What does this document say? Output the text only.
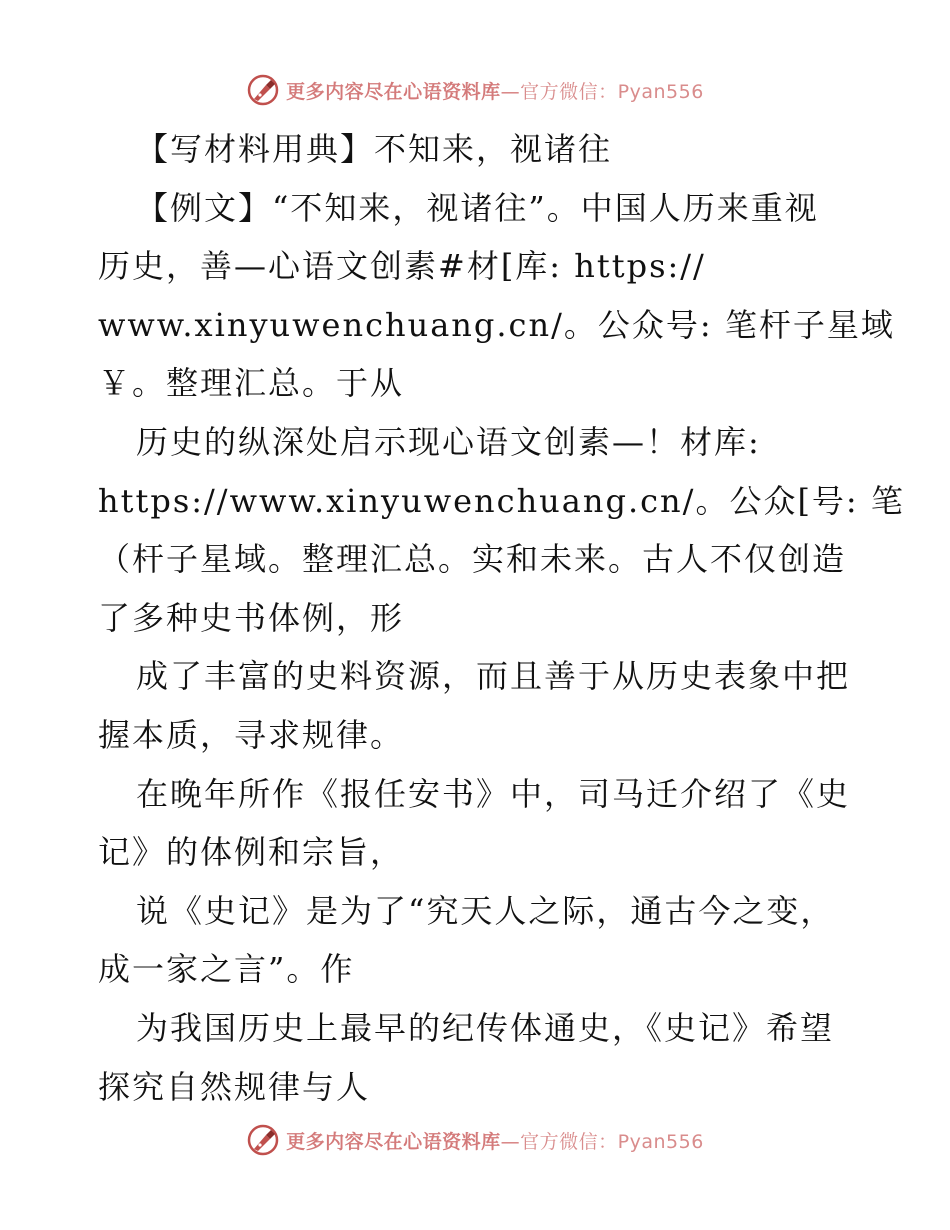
更多内容尽在心语资料库—官方微信：Pyan556
【写材料用典】不知来，视诸往
【例文】“不知来，视诸往”。中国人历来重视
历史，善—心语文创素#材[库: https://
www.xinyuwenchuang.cn/。公众号: 笔杆子星域
￥。整理汇总。于从
历史的纵深处启示现心语文创素—！材库:
https://www.xinyuwenchuang.cn/。公众[号: 笔
（杆子星域。整理汇总。实和未来。古人不仅创造
了多种史书体例，形
成了丰富的史料资源，而且善于从历史表象中把
握本质，寻求规律。
在晚年所作《报任安书》中，司马迁介绍了《史
记》的体例和宗旨，
说《史记》是为了“究天人之际，通古今之变，
成一家之言”。作
为我国历史上最早的纪传体通史，《史记》希望
探究自然规律与人
更多内容尽在心语资料库—官方微信：Pyan556
